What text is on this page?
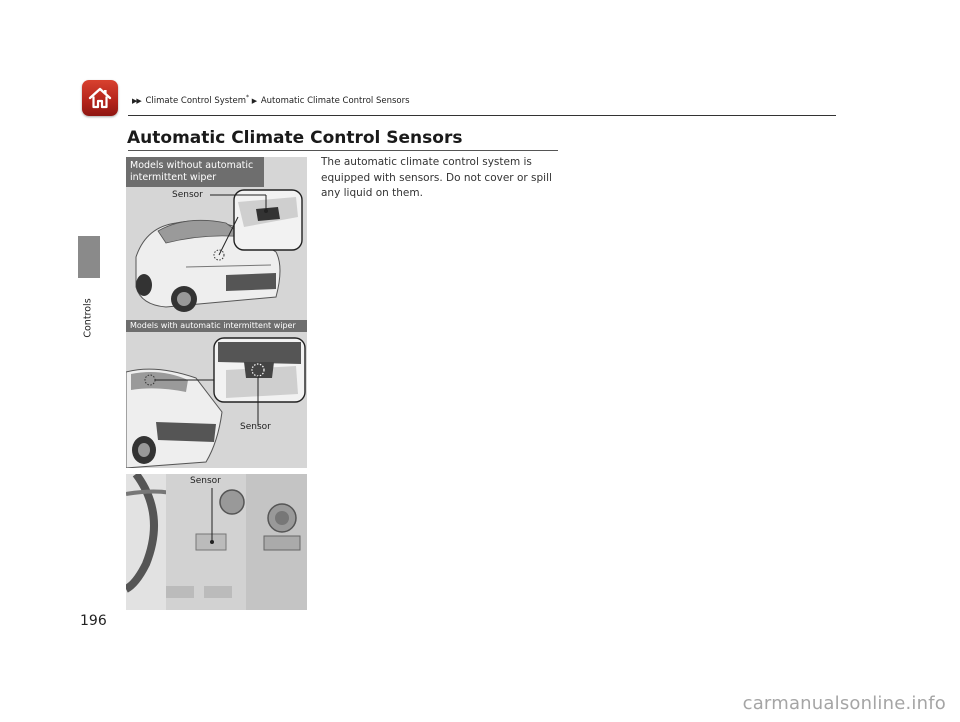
▶▶ Climate Control System* ▶ Automatic Climate Control Sensors
Controls
Automatic Climate Control Sensors
The automatic climate control system is equipped with sensors. Do not cover or spill any liquid on them.
Models without automatic intermittent wiper
Sensor
Models with automatic intermittent wiper
Sensor
Sensor
196
carmanualsonline.info
